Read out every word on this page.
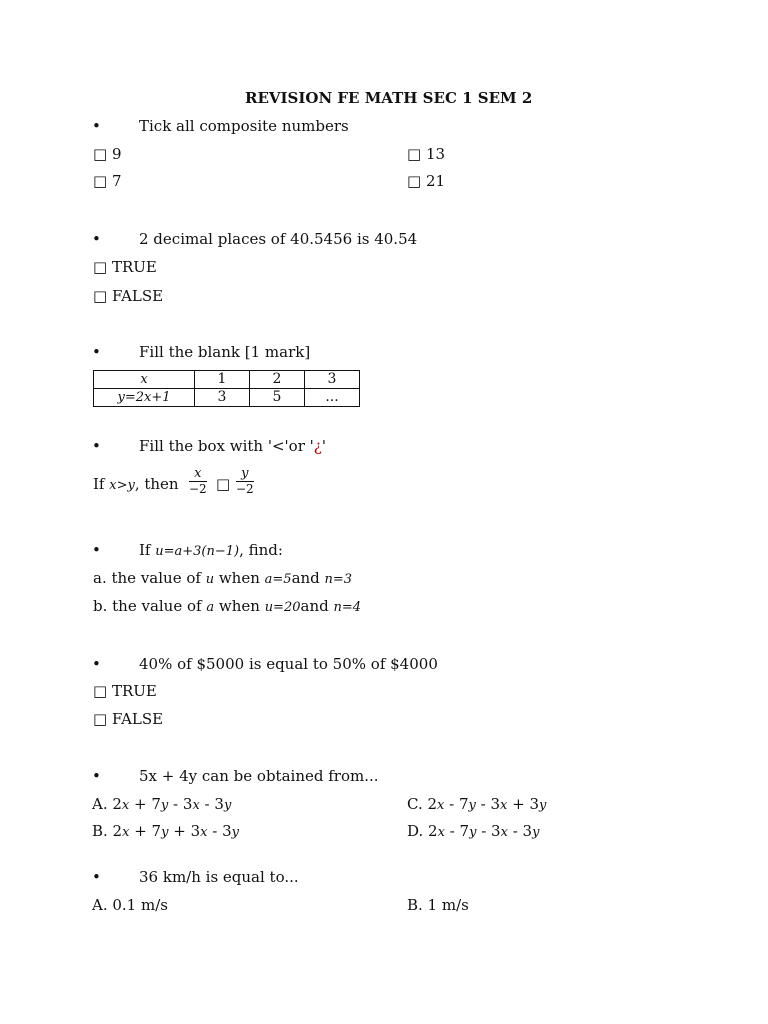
REVISION FE MATH SEC 1 SEM 2
•	Tick all composite numbers
□ 9	□ 13
□ 7	□ 21
•	2 decimal places of 40.5456 is 40.54
□ TRUE
□ FALSE
•	Fill the blank [1 mark]
x	1	2	3
y=2x+1	3	5	...
•	Fill the box with '<'or '¿'
If x>y, then $\frac{x}{-2}$ □ $\frac{y}{-2}$
•	If u=a+3(n−1), find:
a. the value of u when a=5and n=3
b. the value of a when u=20and n=4
•	40% of $5000 is equal to 50% of $4000
□ TRUE
□ FALSE
•	5x + 4y can be obtained from...
A. 2x + 7y - 3x - 3y	C. 2x - 7y - 3x + 3y
B. 2x + 7y + 3x - 3y	D. 2x - 7y - 3x - 3y
•	36 km/h is equal to...
A. 0.1 m/s	B. 1 m/s
